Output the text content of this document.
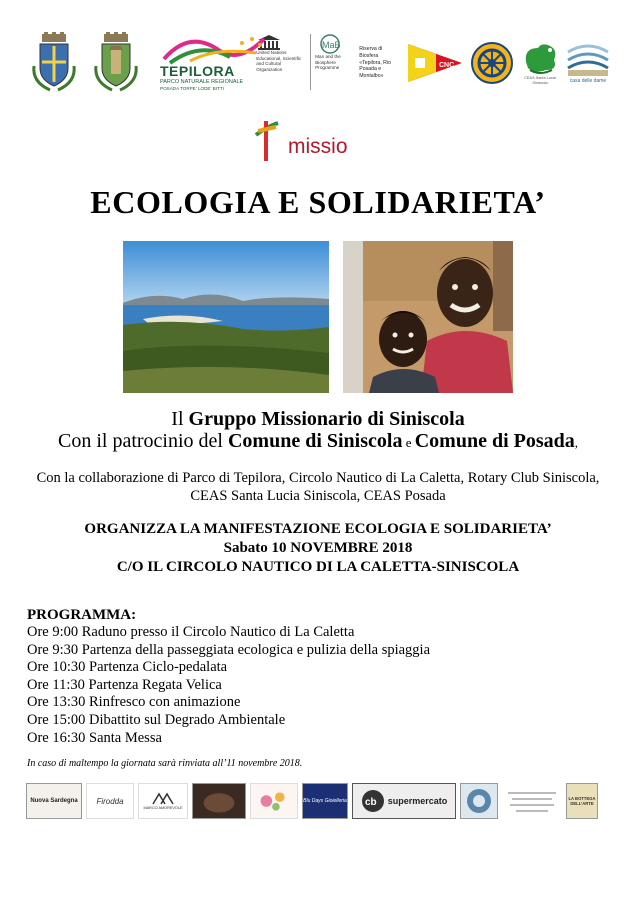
TEPILORA
PARCO NATURALE REGIONALE
POSADA TORPE' LODE' BITTI
United Nations Educational, Scientific and Cultural Organization
MaB
Man and the Biosphere Programme
Riserva di Biosfera «Tepilora, Rio Posada e Montalbo»
CNC
CEAS Santa Lucia Siniscola	casa delle dame
missio
ECOLOGIA E SOLIDARIETA’
Il Gruppo Missionario di Siniscola
Con il patrocinio del Comune di Siniscola e Comune di Posada,
Con la collaborazione di Parco di Tepilora, Circolo Nautico di La Caletta, Rotary Club Siniscola,
CEAS Santa Lucia Siniscola, CEAS Posada
ORGANIZZA LA MANIFESTAZIONE ECOLOGIA E SOLIDARIETA’
Sabato 10 NOVEMBRE 2018
C/O IL CIRCOLO NAUTICO DI LA CALETTA-SINISCOLA
PROGRAMMA:
Ore 9:00 Raduno presso il Circolo Nautico di La Caletta
Ore 9:30 Partenza della passeggiata ecologica e pulizia della spiaggia
Ore 10:30 Partenza Ciclo-pedalata
Ore 11:30 Partenza Regata Velica
Ore 13:30 Rinfresco con animazione
Ore 15:00 Dibattito sul Degrado Ambientale
Ore 16:30 Santa Messa
In caso di maltempo la giornata sarà rinviata all’11 novembre 2018.
Nuova Sardegna Firodda
MARCO AMOREVOLE
Blu Days Gioielleria cb supermercato	LA BOTTEGA DELL'ARTE
